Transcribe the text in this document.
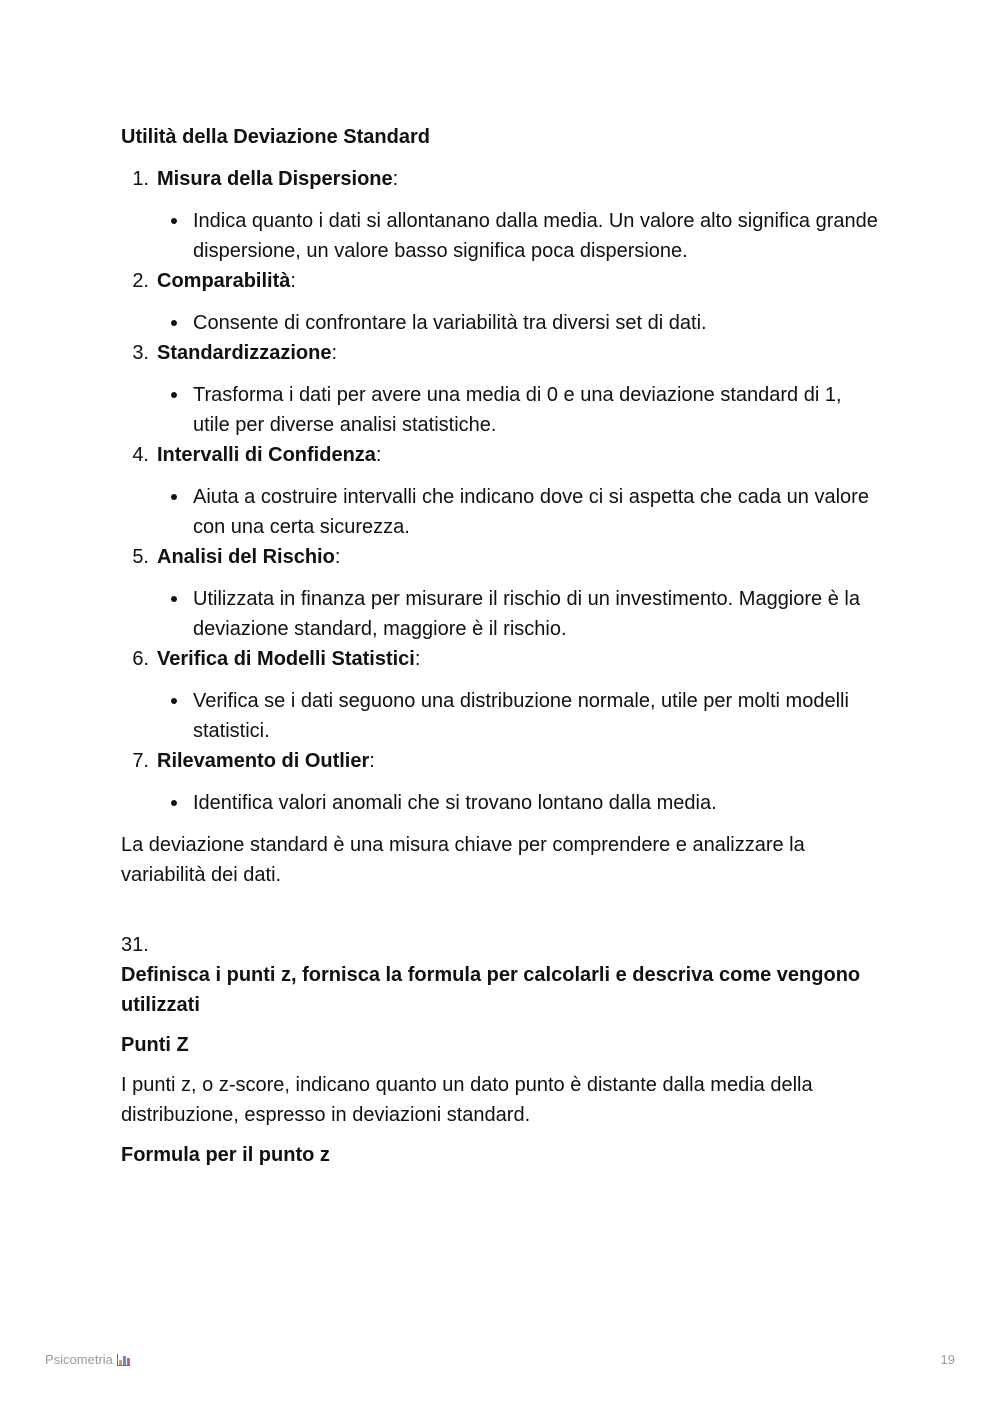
Utilità della Deviazione Standard

1. Misura della Dispersione:
Indica quanto i dati si allontanano dalla media. Un valore alto significa grande dispersione, un valore basso significa poca dispersione.
2. Comparabilità:
Consente di confrontare la variabilità tra diversi set di dati.
3. Standardizzazione:
Trasforma i dati per avere una media di 0 e una deviazione standard di 1, utile per diverse analisi statistiche.
4. Intervalli di Confidenza:
Aiuta a costruire intervalli che indicano dove ci si aspetta che cada un valore con una certa sicurezza.
5. Analisi del Rischio:
Utilizzata in finanza per misurare il rischio di un investimento. Maggiore è la deviazione standard, maggiore è il rischio.
6. Verifica di Modelli Statistici:
Verifica se i dati seguono una distribuzione normale, utile per molti modelli statistici.
7. Rilevamento di Outlier:
Identifica valori anomali che si trovano lontano dalla media.

La deviazione standard è una misura chiave per comprendere e analizzare la variabilità dei dati.

31.

Definisca i punti z, fornisca la formula per calcolarli e descriva come vengono utilizzati

Punti Z

I punti z, o z-score, indicano quanto un dato punto è distante dalla media della distribuzione, espresso in deviazioni standard.

Formula per il punto z

Psicometria	19
